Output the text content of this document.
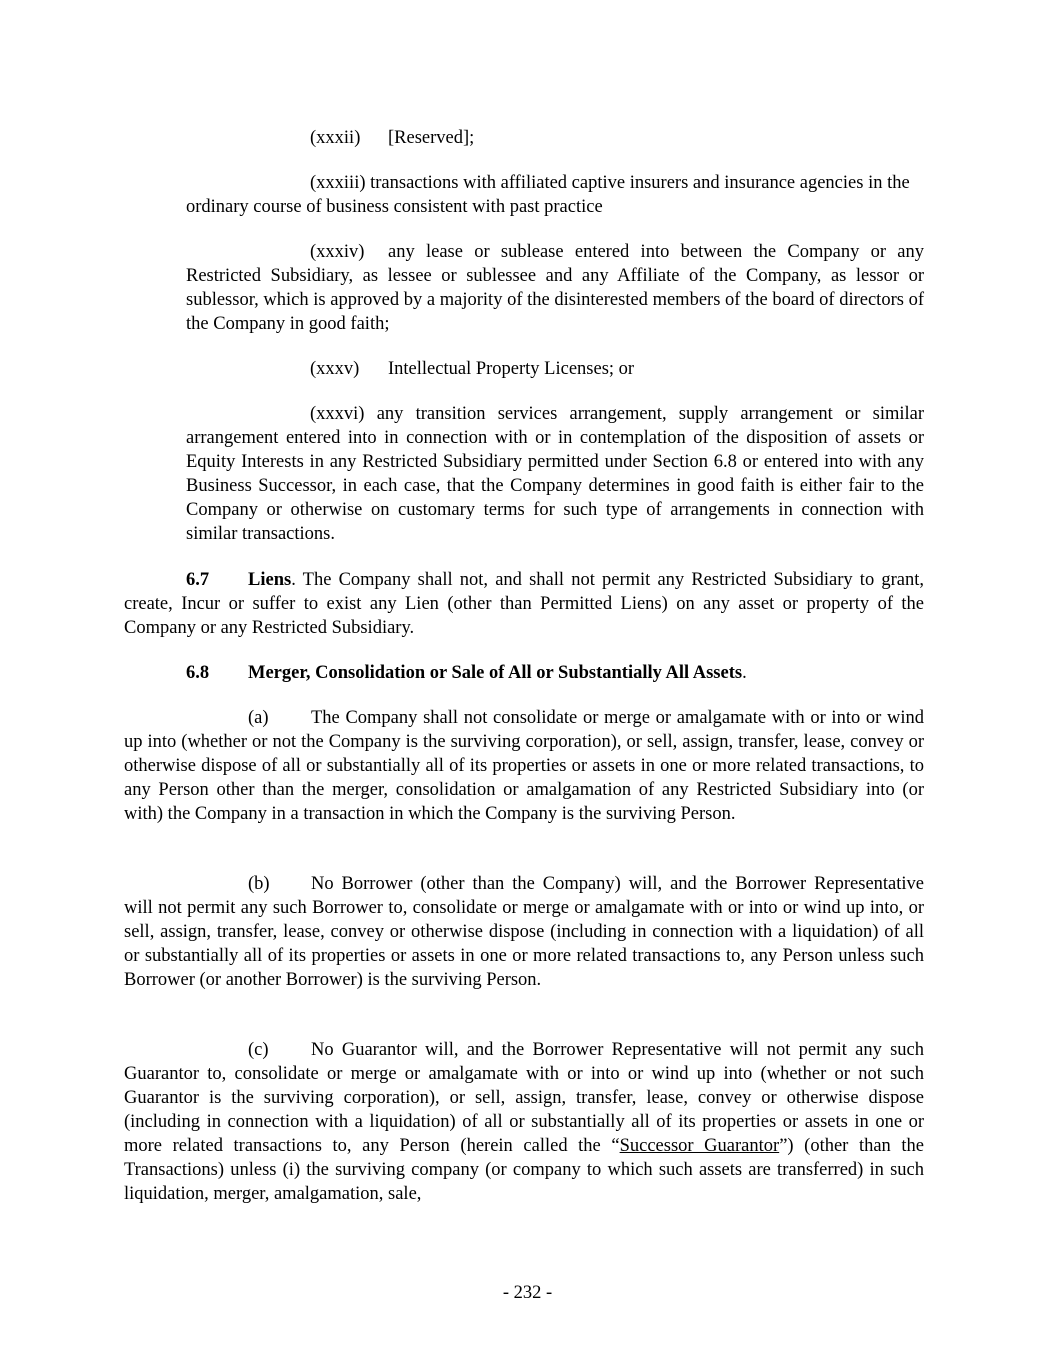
(xxxii) [Reserved];

(xxxiii) transactions with affiliated captive insurers and insurance agencies in the ordinary course of business consistent with past practice

(xxxiv) any lease or sublease entered into between the Company or any Restricted Subsidiary, as lessee or sublessee and any Affiliate of the Company, as lessor or sublessor, which is approved by a majority of the disinterested members of the board of directors of the Company in good faith;

(xxxv) Intellectual Property Licenses; or

(xxxvi) any transition services arrangement, supply arrangement or similar arrangement entered into in connection with or in contemplation of the disposition of assets or Equity Interests in any Restricted Subsidiary permitted under Section 6.8 or entered into with any Business Successor, in each case, that the Company determines in good faith is either fair to the Company or otherwise on customary terms for such type of arrangements in connection with similar transactions.

6.7 Liens. The Company shall not, and shall not permit any Restricted Subsidiary to grant, create, Incur or suffer to exist any Lien (other than Permitted Liens) on any asset or property of the Company or any Restricted Subsidiary.

6.8 Merger, Consolidation or Sale of All or Substantially All Assets.

(a) The Company shall not consolidate or merge or amalgamate with or into or wind up into (whether or not the Company is the surviving corporation), or sell, assign, transfer, lease, convey or otherwise dispose of all or substantially all of its properties or assets in one or more related transactions, to any Person other than the merger, consolidation or amalgamation of any Restricted Subsidiary into (or with) the Company in a transaction in which the Company is the surviving Person.

(b) No Borrower (other than the Company) will, and the Borrower Representative will not permit any such Borrower to, consolidate or merge or amalgamate with or into or wind up into, or sell, assign, transfer, lease, convey or otherwise dispose (including in connection with a liquidation) of all or substantially all of its properties or assets in one or more related transactions to, any Person unless such Borrower (or another Borrower) is the surviving Person.

(c) No Guarantor will, and the Borrower Representative will not permit any such Guarantor to, consolidate or merge or amalgamate with or into or wind up into (whether or not such Guarantor is the surviving corporation), or sell, assign, transfer, lease, convey or otherwise dispose (including in connection with a liquidation) of all or substantially all of its properties or assets in one or more related transactions to, any Person (herein called the “Successor Guarantor”) (other than the Transactions) unless (i) the surviving company (or company to which such assets are transferred) in such liquidation, merger, amalgamation, sale,

- 232 -
